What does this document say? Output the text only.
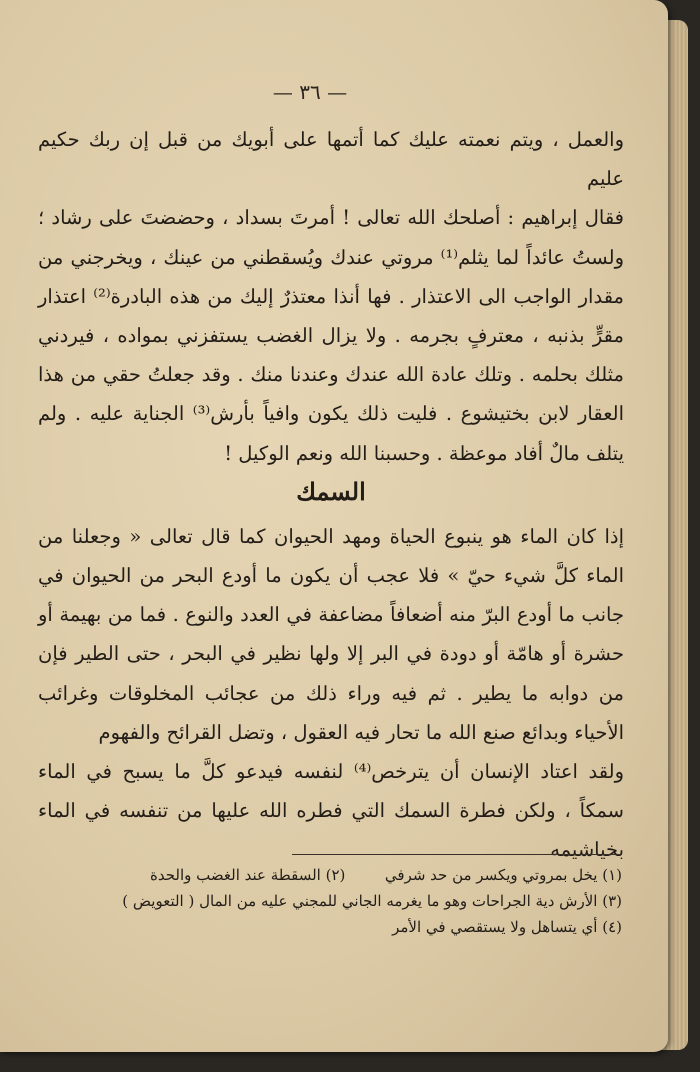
— ٣٦ —

والعمل ، ويتم نعمته عليك كما أتمها على أبويك من قبل إن ربك حكيم عليم

فقال إبراهيم : أصلحك الله تعالى ! أمرتَ بسداد ، وحضضتَ على رشاد ؛ ولستُ عائداً لما يثلم⁽¹⁾ مروتي عندك ويُسقطني من عينك ، ويخرجني من مقدار الواجب الى الاعتذار . فها أنذا معتذرٌ إليك من هذه البادرة⁽²⁾ اعتذار مقرٍّ بذنبه ، معترفٍ بجرمه . ولا يزال الغضب يستفزني بمواده ، فيردني مثلك بحلمه . وتلك عادة الله عندك وعندنا منك . وقد جعلتُ حقي من هذا العقار لابن بختيشوع . فليت ذلك يكون وافياً بأرش⁽³⁾ الجناية عليه . ولم يتلف مالٌ أفاد موعظة . وحسبنا الله ونعم الوكيل !

السمك

إذا كان الماء هو ينبوع الحياة ومهد الحيوان كما قال تعالى « وجعلنا من الماء كلَّ شيء حيّ » فلا عجب أن يكون ما أودع البحر من الحيوان في جانب ما أودع البرّ منه أضعافاً مضاعفة في العدد والنوع . فما من بهيمة أو حشرة أو هامّة أو دودة في البر إلا ولها نظير في البحر ، حتى الطير فإن من دوابه ما يطير . ثم فيه وراء ذلك من عجائب المخلوقات وغرائب الأحياء وبدائع صنع الله ما تحار فيه العقول ، وتضل القرائح والفهوم

ولقد اعتاد الإنسان أن يترخص⁽⁴⁾ لنفسه فيدعو كلَّ ما يسبح في الماء سمكاً ، ولكن فطرة السمك التي فطره الله عليها من تنفسه في الماء بخياشيمه

(١) يخل بمروتي ويكسر من حد شرفي
(٢) السقطة عند الغضب والحدة
(٣) الأرش دية الجراحات وهو ما يغرمه الجاني للمجني عليه من المال ( التعويض )
(٤) أي يتساهل ولا يستقصي في الأمر
